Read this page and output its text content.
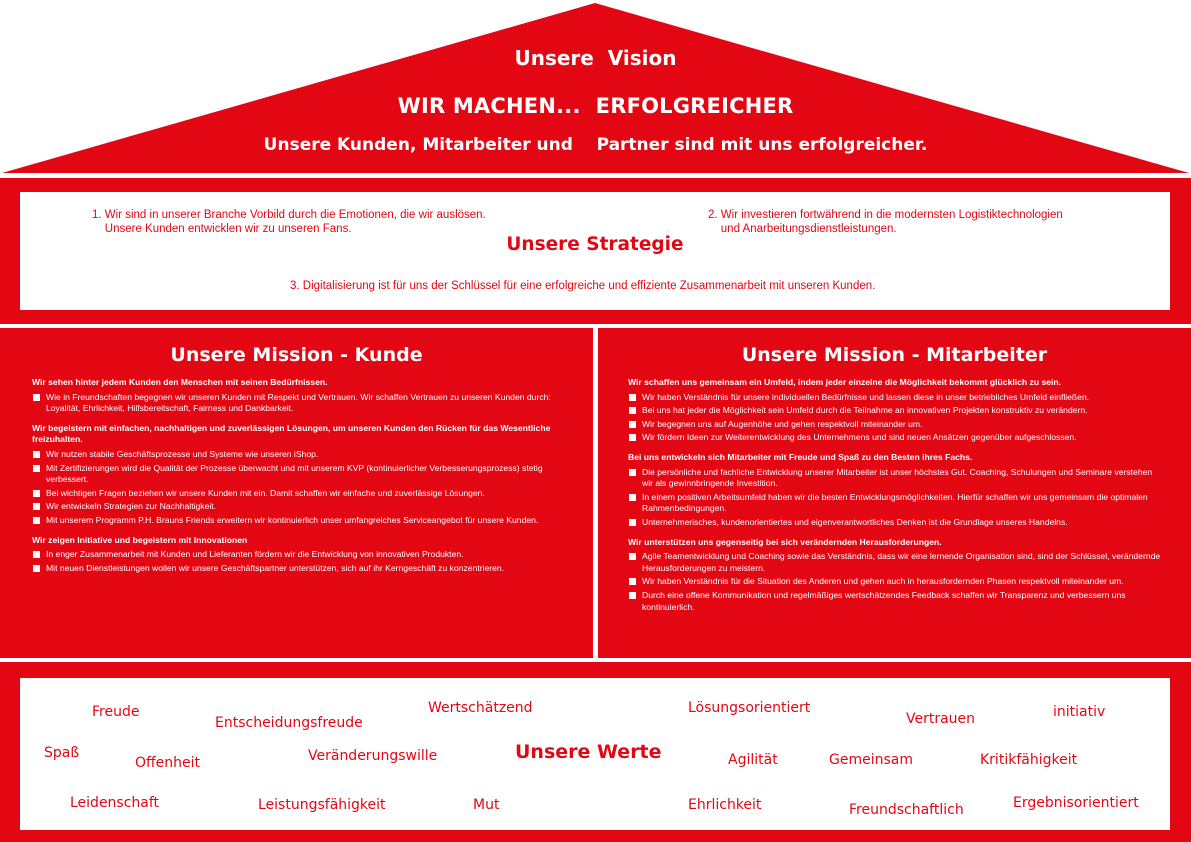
Unsere  Vision
WIR MACHEN...  ERFOLGREICHER
Unsere Kunden, Mitarbeiter und    Partner sind mit uns erfolgreicher.
1. Wir sind in unserer Branche Vorbild durch die Emotionen, die wir auslösen.
Unsere Kunden entwicklen wir zu unseren Fans.
2. Wir investieren fortwährend in die modernsten Logistiktechnologien
und Anarbeitungsdienstleistungen.
Unsere Strategie
3. Digitalisierung ist für uns der Schlüssel für eine erfolgreiche und effiziente Zusammenarbeit mit unseren Kunden.
Unsere Mission - Kunde
Wir sehen hinter jedem Kunden den Menschen mit seinen Bedürfnissen.
Wie in Freundschaften begegnen wir unseren Kunden mit Respekt und Vertrauen. Wir schaffen Vertrauen zu unseren Kunden durch: Loyalität, Ehrlichkeit, Hilfsbereitschaft, Fairness und Dankbarkeit.
Wir begeistern mit einfachen, nachhaltigen und zuverlässigen Lösungen, um unseren Kunden den Rücken für das Wesentliche freizuhalten.
Wir nutzen stabile Geschäftsprozesse und Systeme wie unseren iShop.
Mit Zertifizierungen wird die Qualität der Prozesse überwacht und mit unserem KVP (kontinuierlicher Verbesserungsprozess) stetig verbessert.
Bei wichtigen Fragen beziehen wir unsere Kunden mit ein. Damit schaffen wir einfache und zuverlässige Lösungen.
Wir entwickeln Strategien zur Nachhaltigkeit.
Mit unserem Programm P.H. Brauns Friends erweitern wir kontinuierlich unser umfangreiches Serviceangebot für unsere Kunden.
Wir zeigen Initiative und begeistern mit Innovationen
In enger Zusammenarbeit mit Kunden und Lieferanten fördern wir die Entwicklung von innovativen Produkten.
Mit neuen Dienstleistungen wollen wir unsere Geschäftspartner unterstützen, sich auf ihr Kerngeschäft zu konzentrieren.
Unsere Mission - Mitarbeiter
Wir schaffen uns gemeinsam ein Umfeld, indem jeder einzelne die Möglichkeit bekommt glücklich zu sein.
Wir haben Verständnis für unsere individuellen Bedürfnisse und lassen diese in unser betriebliches Umfeld einfließen.
Bei uns hat jeder die Möglichkeit sein Umfeld durch die Teilnahme an innovativen Projekten konstruktiv zu verändern.
Wir begegnen uns auf Augenhöhe und gehen respektvoll miteinander um.
Wir fördern Ideen zur Weiterentwicklung des Unternehmens und sind neuen Ansätzen gegenüber aufgeschlossen.
Bei uns entwickeln sich Mitarbeiter mit Freude und Spaß zu den Besten ihres Fachs.
Die persönliche und fachliche Entwicklung unserer Mitarbeiter ist unser höchstes Gut. Coaching, Schulungen und Seminare verstehen wir als gewinnbringende Investition.
In einem positiven Arbeitsumfeld haben wir die besten Entwicklungsmöglichkeiten. Hierfür schaffen wir uns gemeinsam die optimalen Rahmenbedingungen.
Unternehmerisches, kundenorientiertes und eigenverantwortliches Denken ist die Grundlage unseres Handelns.
Wir unterstützen uns gegenseitig bei sich verändernden Herausforderungen.
Agile Teamentwicklung und Coaching sowie das Verständnis, dass wir eine lernende Organisation sind, sind der Schlüssel, verändernde Herausforderungen zu meistern.
Wir haben Verständnis für die Situation des Anderen und gehen auch in herausfordernden Phasen respektvoll miteinander um.
Durch eine offene Kommunikation und regelmäßiges wertschätzendes Feedback schaffen wir Transparenz und verbessern uns kontinuierlich.
Freude
Entscheidungsfreude
Wertschätzend	Lösungsorientiert
Vertrauen	initiativ
Spaß
Offenheit	Veränderungswille	Unsere Werte	Agilität	Gemeinsam	Kritikfähigkeit
Leidenschaft	Leistungsfähigkeit	Mut	Ehrlichkeit	Freundschaftlich	Ergebnisorientiert
